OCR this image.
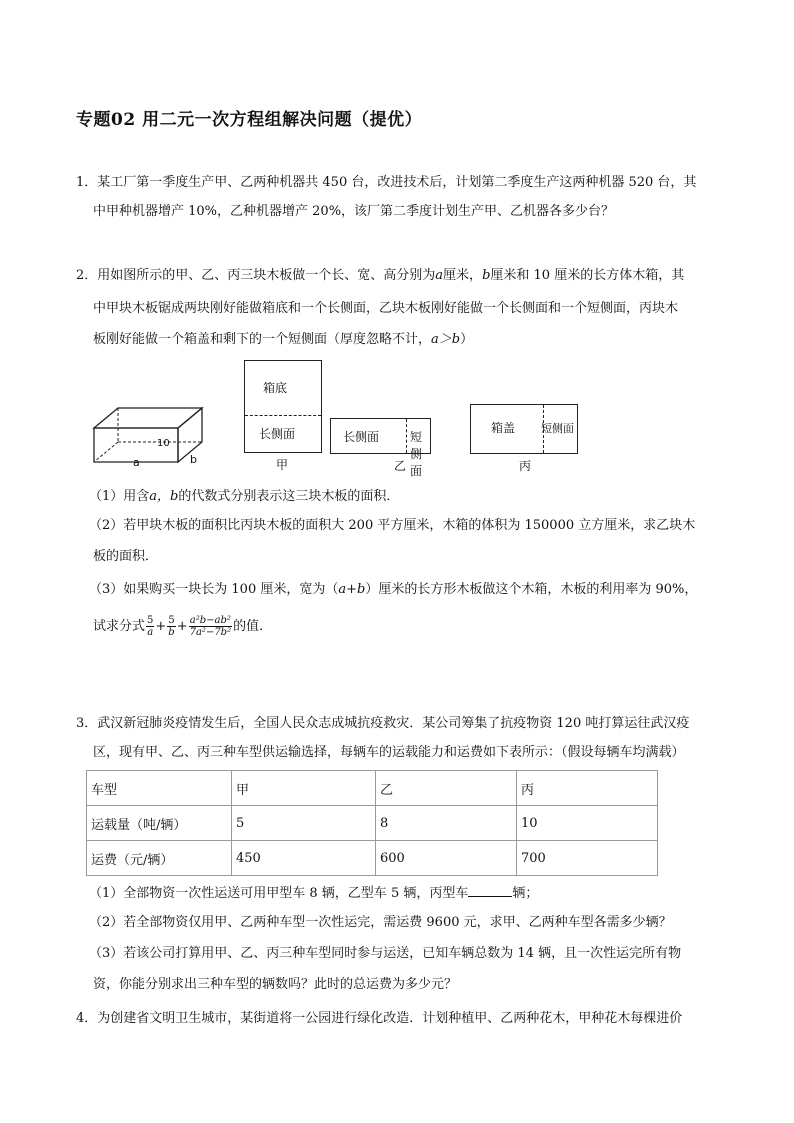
专题02 用二元一次方程组解决问题（提优）
1．某工厂第一季度生产甲、乙两种机器共 450 台，改进技术后，计划第二季度生产这两种机器 520 台，其
中甲种机器增产 10%，乙种机器增产 20%，该厂第二季度计划生产甲、乙机器各多少台？
2．用如图所示的甲、乙、丙三块木板做一个长、宽、高分别为a厘米，b厘米和 10 厘米的长方体木箱，其
中甲块木板锯成两块刚好能做箱底和一个长侧面，乙块木板刚好能做一个长侧面和一个短侧面，丙块木
板刚好能做一个箱盖和剩下的一个短侧面（厚度忽略不计，a＞b）
10
a	b
箱底
长侧面
甲
长侧面	短侧面
乙
箱盖 短侧面
丙
（1）用含a，b的代数式分别表示这三块木板的面积．
（2）若甲块木板的面积比丙块木板的面积大 200 平方厘米，木箱的体积为 150000 立方厘米，求乙块木
板的面积．
（3）如果购买一块长为 100 厘米，宽为（a+b）厘米的长方形木板做这个木箱，木板的利用率为 90%，
试求分式 $\frac{5}{a} + \frac{5}{b} + \frac{\text{a²b−ab²}}{\text{7a²−7b²}}$ 的值．
3．武汉新冠肺炎疫情发生后，全国人民众志成城抗疫救灾．某公司筹集了抗疫物资 120 吨打算运往武汉疫
区，现有甲、乙、丙三种车型供运输选择，每辆车的运载能力和运费如下表所示：（假设每辆车均满载）
车型	甲	乙	丙
运载量（吨/辆）	5	8	10
运费（元/辆）	450	600	700
（1）全部物资一次性运送可用甲型车 8 辆，乙型车 5 辆，丙型车	辆；
（2）若全部物资仅用甲、乙两种车型一次性运完，需运费 9600 元，求甲、乙两种车型各需多少辆？
（3）若该公司打算用甲、乙、丙三种车型同时参与运送，已知车辆总数为 14 辆，且一次性运完所有物
资，你能分别求出三种车型的辆数吗？此时的总运费为多少元？
4．为创建省文明卫生城市，某街道将一公园进行绿化改造．计划种植甲、乙两种花木，甲种花木每棵进价
